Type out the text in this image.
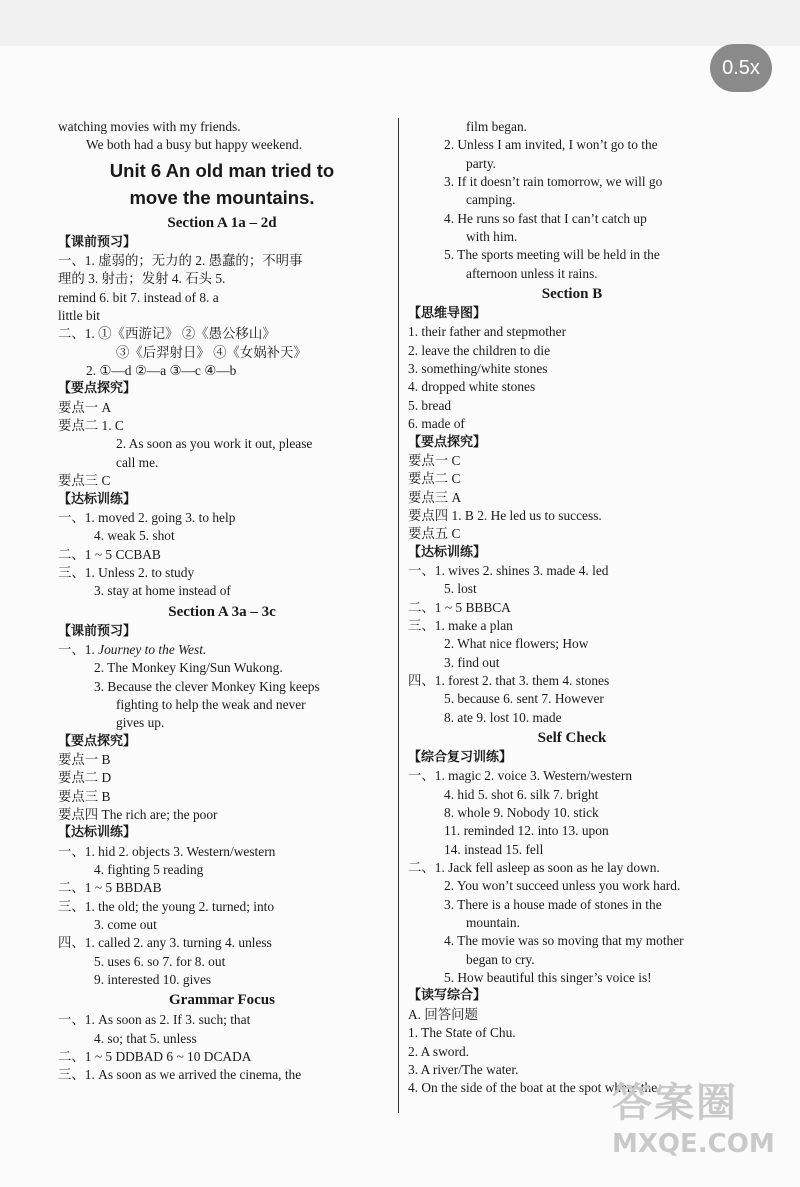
0.5x
watching movies with my friends.
We both had a busy but happy weekend.
Unit 6 An old man tried to
move the mountains.
Section A 1a – 2d
【课前预习】
一、1. 虚弱的；无力的 2. 愚蠢的；不明事
理的 3. 射击；发射 4. 石头 5.
remind 6. bit 7. instead of 8. a
little bit
二、1. ①《西游记》 ②《愚公移山》
③《后羿射日》 ④《女娲补天》
2. ①—d ②—a ③—c ④—b
【要点探究】
要点一 A
要点二 1. C
2. As soon as you work it out, please
call me.
要点三 C
【达标训练】
一、1. moved 2. going 3. to help
4. weak 5. shot
二、1 ~ 5 CCBAB
三、1. Unless 2. to study
3. stay at home instead of
Section A 3a – 3c
【课前预习】
一、1. Journey to the West.
2. The Monkey King/Sun Wukong.
3. Because the clever Monkey King keeps
fighting to help the weak and never
gives up.
【要点探究】
要点一 B
要点二 D
要点三 B
要点四 The rich are; the poor
【达标训练】
一、1. hid 2. objects 3. Western/western
4. fighting 5 reading
二、1 ~ 5 BBDAB
三、1. the old; the young 2. turned; into
3. come out
四、1. called 2. any 3. turning 4. unless
5. uses 6. so 7. for 8. out
9. interested 10. gives
Grammar Focus
一、1. As soon as 2. If 3. such; that
4. so; that 5. unless
二、1 ~ 5 DDBAD 6 ~ 10 DCADA
三、1. As soon as we arrived the cinema, the
film began.
2. Unless I am invited, I won’t go to the
party.
3. If it doesn’t rain tomorrow, we will go
camping.
4. He runs so fast that I can’t catch up
with him.
5. The sports meeting will be held in the
afternoon unless it rains.
Section B
【思维导图】
1. their father and stepmother
2. leave the children to die
3. something/white stones
4. dropped white stones
5. bread
6. made of
【要点探究】
要点一 C
要点二 C
要点三 A
要点四 1. B 2. He led us to success.
要点五 C
【达标训练】
一、1. wives 2. shines 3. made 4. led
5. lost
二、1 ~ 5 BBBCA
三、1. make a plan
2. What nice flowers; How
3. find out
四、1. forest 2. that 3. them 4. stones
5. because 6. sent 7. However
8. ate 9. lost 10. made
Self Check
【综合复习训练】
一、1. magic 2. voice 3. Western/western
4. hid 5. shot 6. silk 7. bright
8. whole 9. Nobody 10. stick
11. reminded 12. into 13. upon
14. instead 15. fell
二、1. Jack fell asleep as soon as he lay down.
2. You won’t succeed unless you work hard.
3. There is a house made of stones in the
mountain.
4. The movie was so moving that my mother
began to cry.
5. How beautiful this singer’s voice is!
【读写综合】
A. 回答问题
1. The State of Chu.
2. A sword.
3. A river/The water.
4. On the side of the boat at the spot where the
答案圈
MXQE.COM
